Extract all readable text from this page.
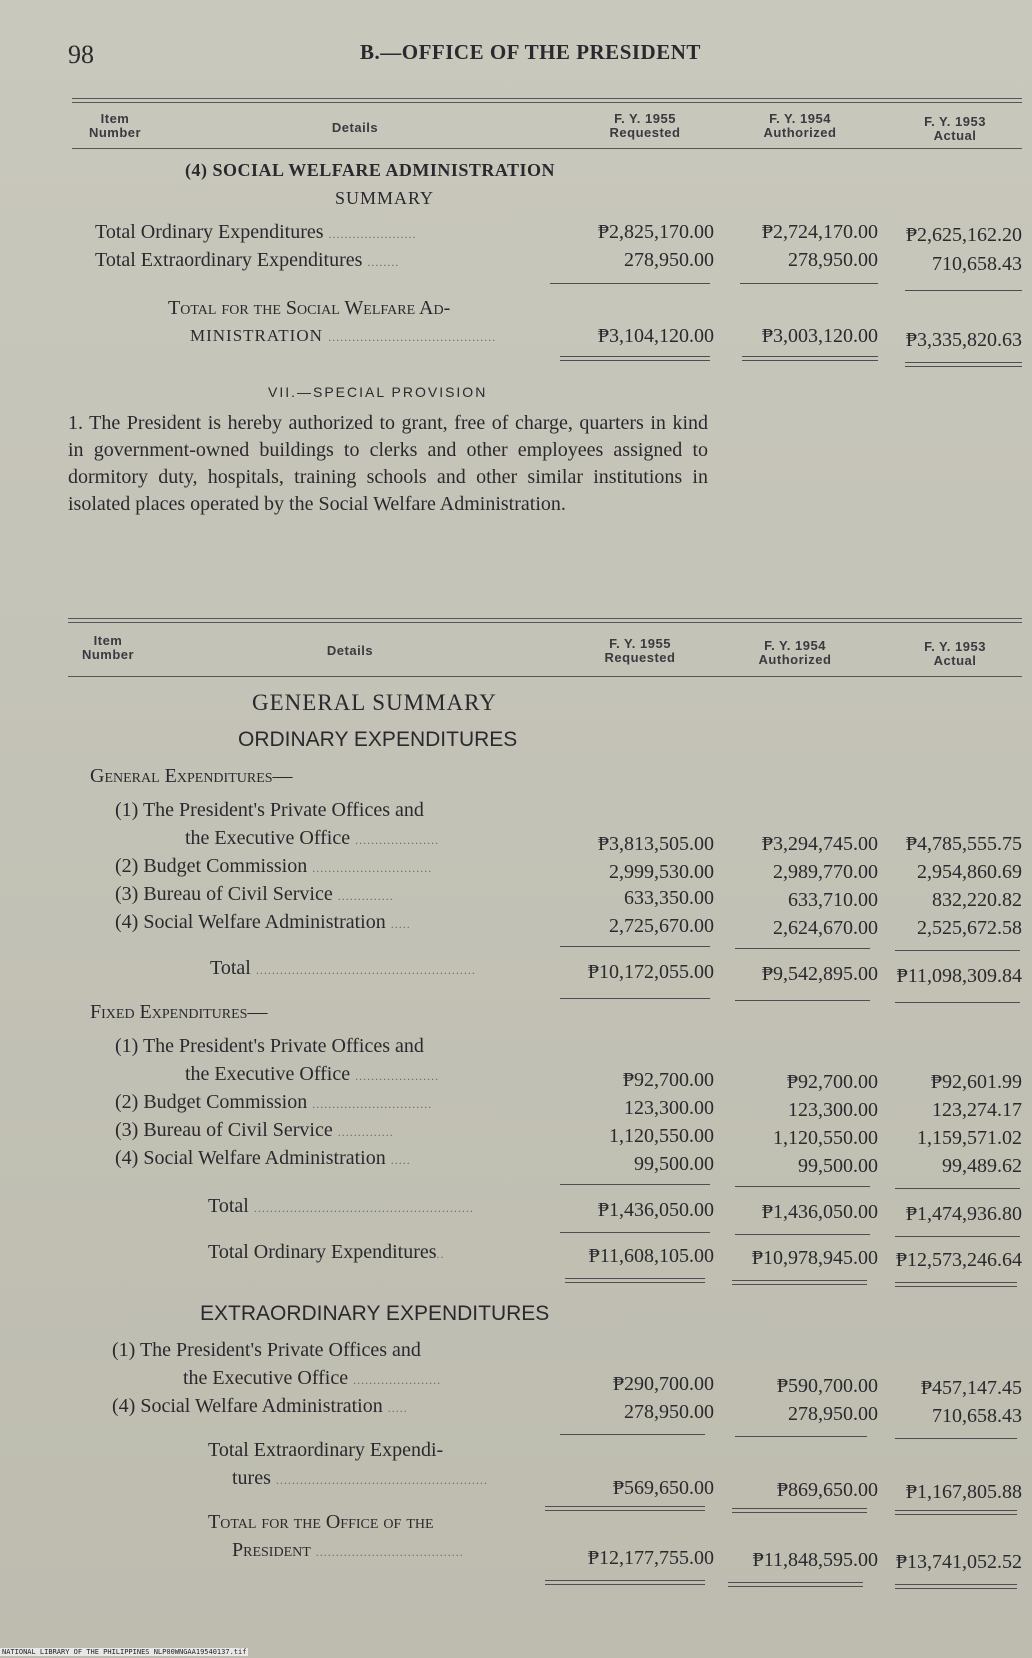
98	B.—OFFICE OF THE PRESIDENT
Item
Number	Details
F. Y. 1955
Requested
F. Y. 1954
Authorized
F. Y. 1953
Actual
(4) SOCIAL WELFARE ADMINISTRATION
SUMMARY
Total Ordinary Expenditures ......................	₱2,825,170.00	₱2,724,170.00	₱2,625,162.20
Total Extraordinary Expenditures ........	278,950.00	278,950.00	710,658.43
Total for the Social Welfare Ad-
MINISTRATION ..........................................	₱3,104,120.00	₱3,003,120.00	₱3,335,820.63
VII.—SPECIAL PROVISION
1. The President is hereby authorized to grant, free of charge, quarters in kind in government-owned buildings to clerks and other employees assigned to dormitory duty, hospitals, training schools and other similar institutions in isolated places operated by the Social Welfare Administration.
Item
Number	Details	F. Y. 1955
Requested
F. Y. 1954
Authorized
F. Y. 1953
Actual
GENERAL SUMMARY
ORDINARY EXPENDITURES
General Expenditures—
(1) The President's Private Offices and
the Executive Office .....................	₱3,813,505.00	₱3,294,745.00	₱4,785,555.75
(2) Budget Commission ..............................	2,999,530.00	2,989,770.00	2,954,860.69
(3) Bureau of Civil Service ..............	633,350.00	633,710.00	832,220.82
(4) Social Welfare Administration .....	2,725,670.00	2,624,670.00	2,525,672.58
Total .......................................................	₱10,172,055.00	₱9,542,895.00 ₱11,098,309.84
Fixed Expenditures—
(1) The President's Private Offices and
the Executive Office .....................	₱92,700.00	₱92,700.00	₱92,601.99
(2) Budget Commission ..............................	123,300.00	123,300.00	123,274.17
(3) Bureau of Civil Service ..............	1,120,550.00	1,120,550.00	1,159,571.02
(4) Social Welfare Administration .....	99,500.00	99,500.00	99,489.62
Total .......................................................	₱1,436,050.00	₱1,436,050.00	₱1,474,936.80
Total Ordinary Expenditures..	₱11,608,105.00	₱10,978,945.00 ₱12,573,246.64
EXTRAORDINARY EXPENDITURES
(1) The President's Private Offices and
the Executive Office ......................	₱290,700.00	₱590,700.00	₱457,147.45
(4) Social Welfare Administration .....	278,950.00	278,950.00	710,658.43
Total Extraordinary Expendi-
tures .....................................................	₱569,650.00	₱869,650.00	₱1,167,805.88
Total for the Office of the
President .....................................	₱12,177,755.00	₱11,848,595.00 ₱13,741,052.52
NATIONAL LIBRARY OF THE PHILIPPINES NLP00WNGAA19540137.tif
